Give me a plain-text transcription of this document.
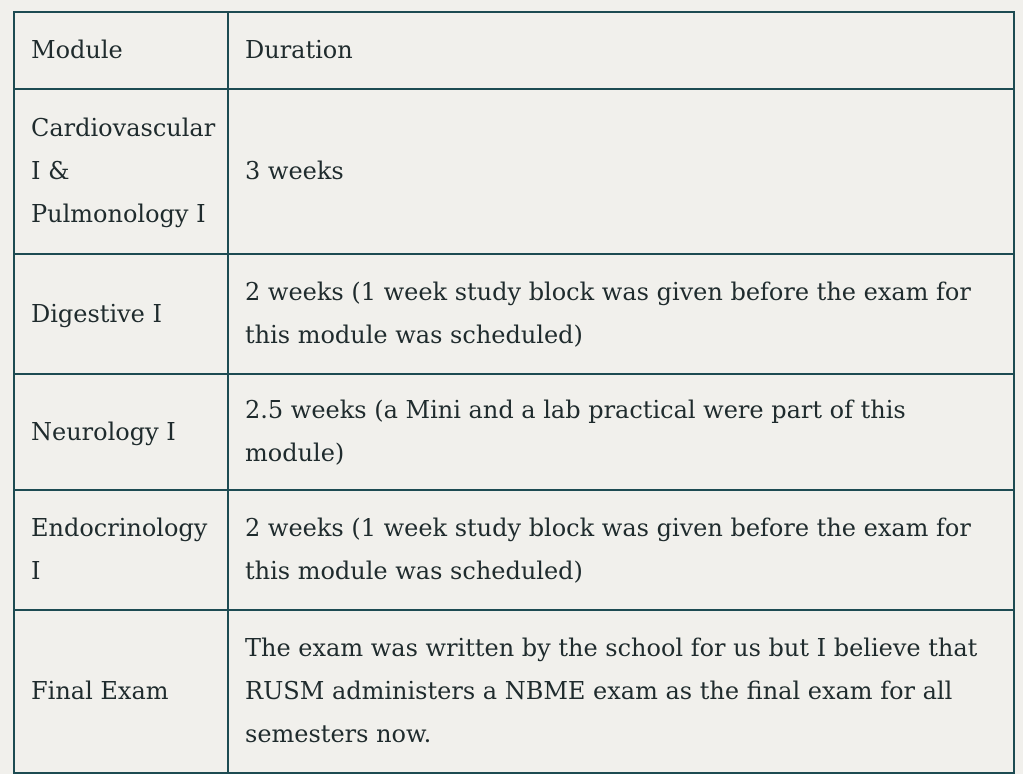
Module	Duration
Cardiovascular I & Pulmonology I	3 weeks
Digestive I	2 weeks (1 week study block was given before the exam for this module was scheduled)
Neurology I	2.5 weeks (a Mini and a lab practical were part of this module)
Endocrinology I	2 weeks (1 week study block was given before the exam for this module was scheduled)
Final Exam	The exam was written by the school for us but I believe that RUSM administers a NBME exam as the final exam for all semesters now.
